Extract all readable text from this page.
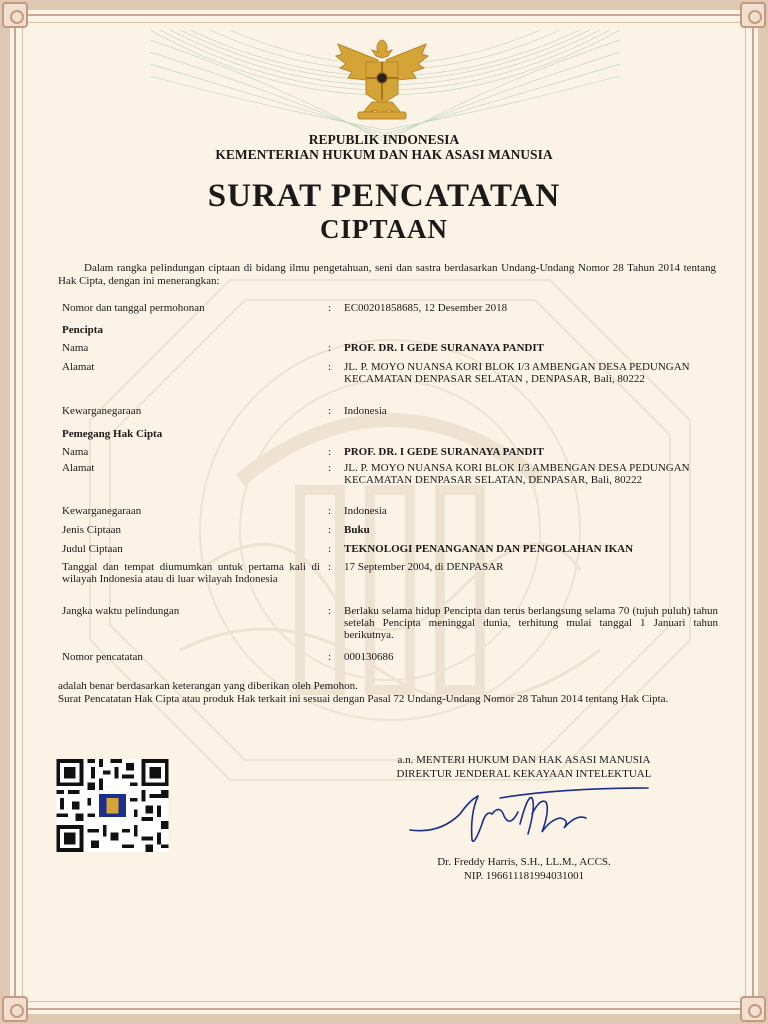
REPUBLIK INDONESIA
KEMENTERIAN HUKUM DAN HAK ASASI MANUSIA
SURAT PENCATATAN
CIPTAAN
Dalam rangka pelindungan ciptaan di bidang ilmu pengetahuan, seni dan sastra berdasarkan Undang-Undang Nomor 28 Tahun 2014 tentang Hak Cipta, dengan ini menerangkan:
Nomor dan tanggal permohonan	: EC00201858685, 12 Desember 2018
Pencipta
Nama	: PROF. DR. I GEDE SURANAYA PANDIT
Alamat	: JL. P. MOYO NUANSA KORI BLOK I/3 AMBENGAN DESA PEDUNGAN KECAMATAN DENPASAR SELATAN , DENPASAR, Bali, 80222
Kewarganegaraan	: Indonesia
Pemegang Hak Cipta
Nama	: PROF. DR. I GEDE SURANAYA PANDIT
Alamat	: JL. P. MOYO NUANSA KORI BLOK I/3 AMBENGAN DESA PEDUNGAN KECAMATAN DENPASAR SELATAN, DENPASAR, Bali, 80222
Kewarganegaraan	: Indonesia
Jenis Ciptaan	: Buku
Judul Ciptaan	: TEKNOLOGI PENANGANAN DAN PENGOLAHAN IKAN
Tanggal dan tempat diumumkan untuk pertama kali di wilayah Indonesia atau di luar wilayah Indonesia
: 17 September 2004, di DENPASAR
Jangka waktu pelindungan	: Berlaku selama hidup Pencipta dan terus berlangsung selama 70 (tujuh puluh) tahun setelah Pencipta meninggal dunia, terhitung mulai tanggal 1 Januari tahun berikutnya.
Nomor pencatatan	: 000130686
adalah benar berdasarkan keterangan yang diberikan oleh Pemohon.
Surat Pencatatan Hak Cipta atau produk Hak terkait ini sesuai dengan Pasal 72 Undang-Undang Nomor 28 Tahun 2014 tentang Hak Cipta.
a.n. MENTERI HUKUM DAN HAK ASASI MANUSIA
DIREKTUR JENDERAL KEKAYAAN INTELEKTUAL
Dr. Freddy Harris, S.H., LL.M., ACCS.
NIP. 196611181994031001
